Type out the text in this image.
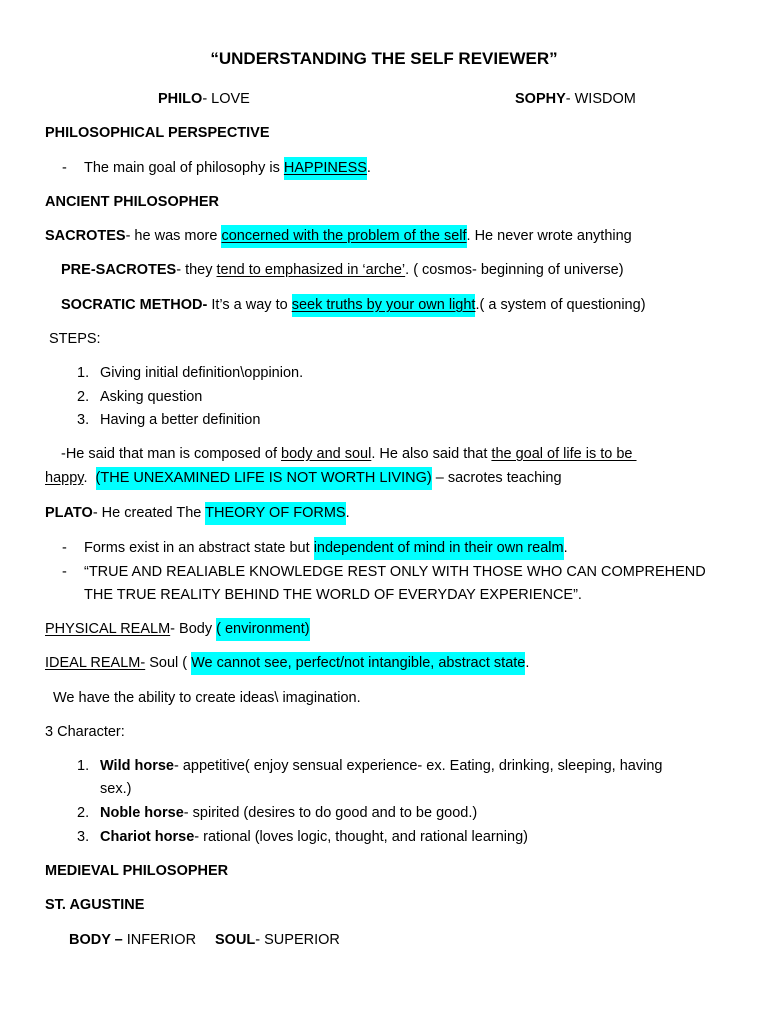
“UNDERSTANDING THE SELF REVIEWER”
PHILO- LOVE	SOPHY- WISDOM
PHILOSOPHICAL PERSPECTIVE
- The main goal of philosophy is HAPPINESS.
ANCIENT PHILOSOPHER
SACROTES- he was more concerned with the problem of the self. He never wrote anything
PRE-SACROTES- they tend to emphasized in ‘arche’. ( cosmos- beginning of universe)
SOCRATIC METHOD- It’s a way to seek truths by your own light.( a system of questioning)
STEPS:
1. Giving initial definition\oppinion.
2. Asking question
3. Having a better definition
-He said that man is composed of body and soul. He also said that the goal of life is to be
happy.  (THE UNEXAMINED LIFE IS NOT WORTH LIVING) – sacrotes teaching
PLATO- He created The THEORY OF FORMS.
- Forms exist in an abstract state but independent of mind in their own realm.
- “TRUE AND REALIABLE KNOWLEDGE REST ONLY WITH THOSE WHO CAN COMPREHEND
THE TRUE REALITY BEHIND THE WORLD OF EVERYDAY EXPERIENCE”.
PHYSICAL REALM- Body ( environment)
IDEAL REALM- Soul ( We cannot see, perfect/not intangible, abstract state.
We have the ability to create ideas\ imagination.
3 Character:
1. Wild horse- appetitive( enjoy sensual experience- ex. Eating, drinking, sleeping, having
sex.)
2. Noble horse- spirited (desires to do good and to be good.)
3. Chariot horse- rational (loves logic, thought, and rational learning)
MEDIEVAL PHILOSOPHER
ST. AGUSTINE
BODY – INFERIOR SOUL- SUPERIOR
